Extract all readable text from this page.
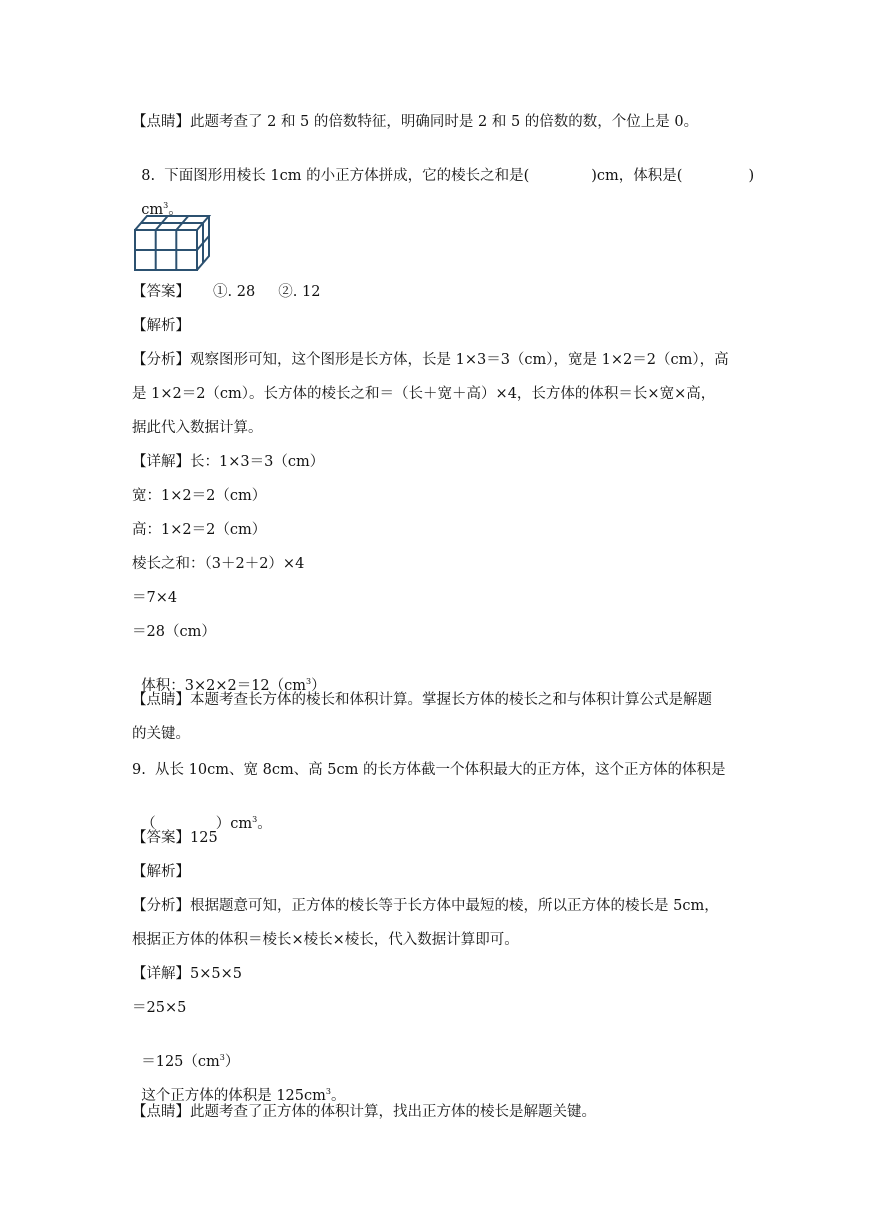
【点睛】此题考查了 2 和 5 的倍数特征，明确同时是 2 和 5 的倍数的数，个位上是 0。

8.  下面图形用棱长 1cm 的小正方体拼成，它的棱长之和是(	)cm，体积是(	)

$cm^3$。

【答案】     ①. 28     ②. 12
【解析】
【分析】观察图形可知，这个图形是长方体，长是 1×3＝3（cm），宽是 1×2＝2（cm），高
是 1×2＝2（cm）。长方体的棱长之和＝（长＋宽＋高）×4，长方体的体积＝长×宽×高，
据此代入数据计算。
【详解】长：1×3＝3（cm）
宽：1×2＝2（cm）
高：1×2＝2（cm）
棱长之和：（3＋2＋2）×4
＝7×4
＝28（cm）

体积：$3\times 2\times 2=12(cm^3)$

【点睛】本题考查长方体的棱长和体积计算。掌握长方体的棱长之和与体积计算公式是解题
的关键。
9.  从长 10cm、宽 8cm、高 5cm 的长方体截一个体积最大的正方体，这个正方体的体积是

（	）$cm^3$。

【答案】125
【解析】
【分析】根据题意可知，正方体的棱长等于长方体中最短的棱，所以正方体的棱长是 5cm，
根据正方体的体积＝棱长×棱长×棱长，代入数据计算即可。
【详解】5×5×5
＝25×5

$=125(cm^3)$

这个正方体的体积是 $125cm^3$。

【点睛】此题考查了正方体的体积计算，找出正方体的棱长是解题关键。
